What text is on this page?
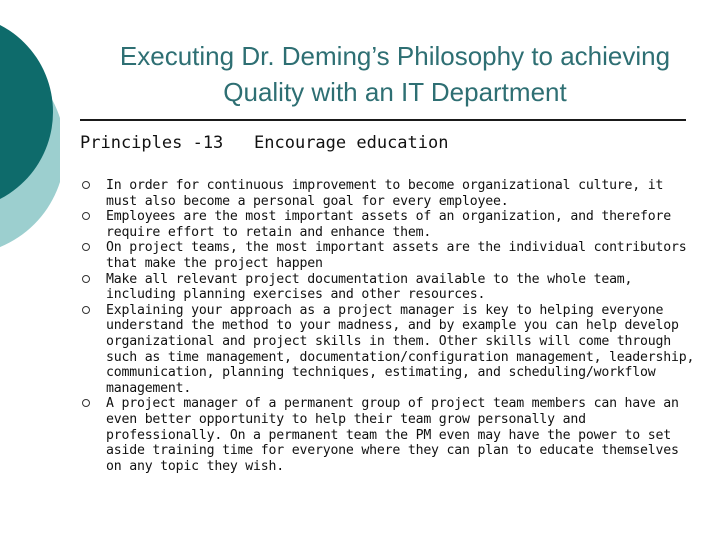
Executing Dr. Deming’s Philosophy to achieving Quality with an IT Department
Principles -13 Encourage education
In order for continuous improvement to become organizational culture, it must also become a personal goal for every employee.
Employees are the most important assets of an organization, and therefore require effort to retain and enhance them.
On project teams, the most important assets are the individual contributors that make the project happen
Make all relevant project documentation available to the whole team, including planning exercises and other resources.
Explaining your approach as a project manager is key to helping everyone understand the method to your madness, and by example you can help develop organizational and project skills in them. Other skills will come through such as time management, documentation/configuration management, leadership, communication, planning techniques, estimating, and scheduling/workflow management.
A project manager of a permanent group of project team members can have an even better opportunity to help their team grow personally and professionally. On a permanent team the PM even may have the power to set aside training time for everyone where they can plan to educate themselves on any topic they wish.
